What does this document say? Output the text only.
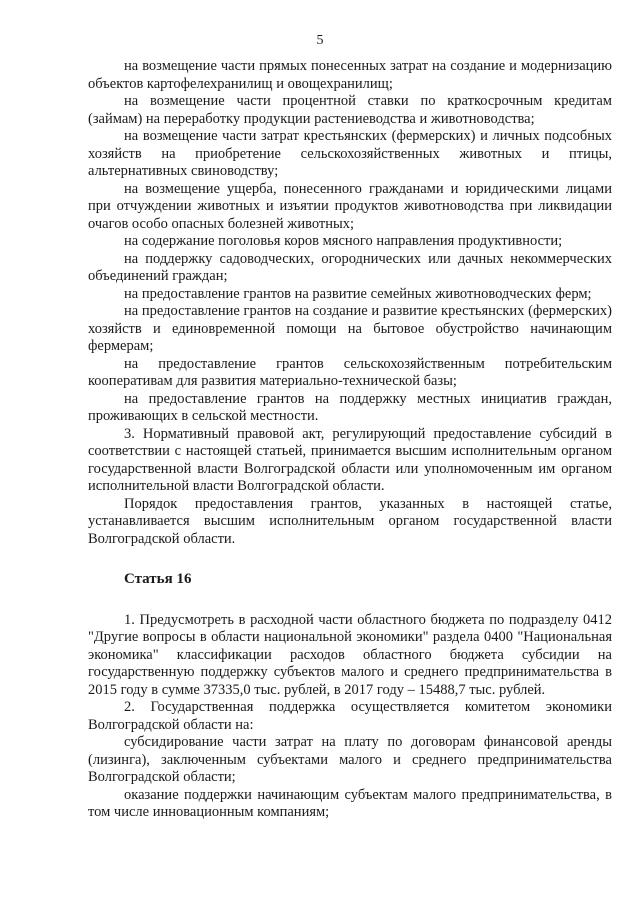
5

на возмещение части прямых понесенных затрат на создание и модернизацию объектов картофелехранилищ и овощехранилищ;

на возмещение части процентной ставки по краткосрочным кредитам (займам) на переработку продукции растениеводства и животноводства;

на возмещение части затрат крестьянских (фермерских) и личных подсобных хозяйств на приобретение сельскохозяйственных животных и птицы, альтернативных свиноводству;

на возмещение ущерба, понесенного гражданами и юридическими лицами при отчуждении животных и изъятии продуктов животноводства при ликвидации очагов особо опасных болезней животных;

на содержание поголовья коров мясного направления продуктивности;

на поддержку садоводческих, огороднических или дачных некоммерческих объединений граждан;

на предоставление грантов на развитие семейных животноводческих ферм;

на предоставление грантов на создание и развитие крестьянских (фермерских) хозяйств и единовременной помощи на бытовое обустройство начинающим фермерам;

на предоставление грантов сельскохозяйственным потребительским кооперативам для развития материально-технической базы;

на предоставление грантов на поддержку местных инициатив граждан, проживающих в сельской местности.

3. Нормативный правовой акт, регулирующий предоставление субсидий в соответствии с настоящей статьей, принимается высшим исполнительным органом государственной власти Волгоградской области или уполномоченным им органом исполнительной власти Волгоградской области.

Порядок предоставления грантов, указанных в настоящей статье, устанавливается высшим исполнительным органом государственной власти Волгоградской области.

Статья 16

1. Предусмотреть в расходной части областного бюджета по подразделу 0412 "Другие вопросы в области национальной экономики" раздела 0400 "Национальная экономика" классификации расходов областного бюджета субсидии на государственную поддержку субъектов малого и среднего предпринимательства в 2015 году в сумме 37335,0 тыс. рублей, в 2017 году – 15488,7 тыс. рублей.

2. Государственная поддержка осуществляется комитетом экономики Волгоградской области на:

субсидирование части затрат на плату по договорам финансовой аренды (лизинга), заключенным субъектами малого и среднего предпринимательства Волгоградской области;

оказание поддержки начинающим субъектам малого предпринимательства, в том числе инновационным компаниям;
